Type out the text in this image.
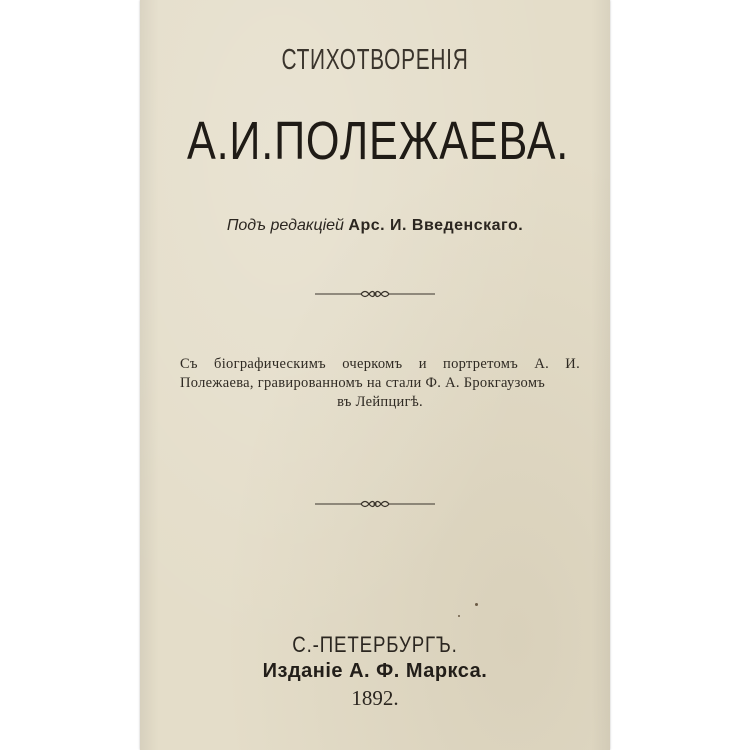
СТИХОТВОРЕНІЯ
А.И.ПОЛЕЖАЕВА.
Подъ редакціей Арс. И. Введенскаго.
Съ біографическимъ очеркомъ и портретомъ А. И. Полежаева, гравированномъ на стали Ф. А. Брокгаузомъ
въ Лейпцигѣ.
С.-ПЕТЕРБУРГЪ.
Изданіе А. Ф. Маркса.
1892.
